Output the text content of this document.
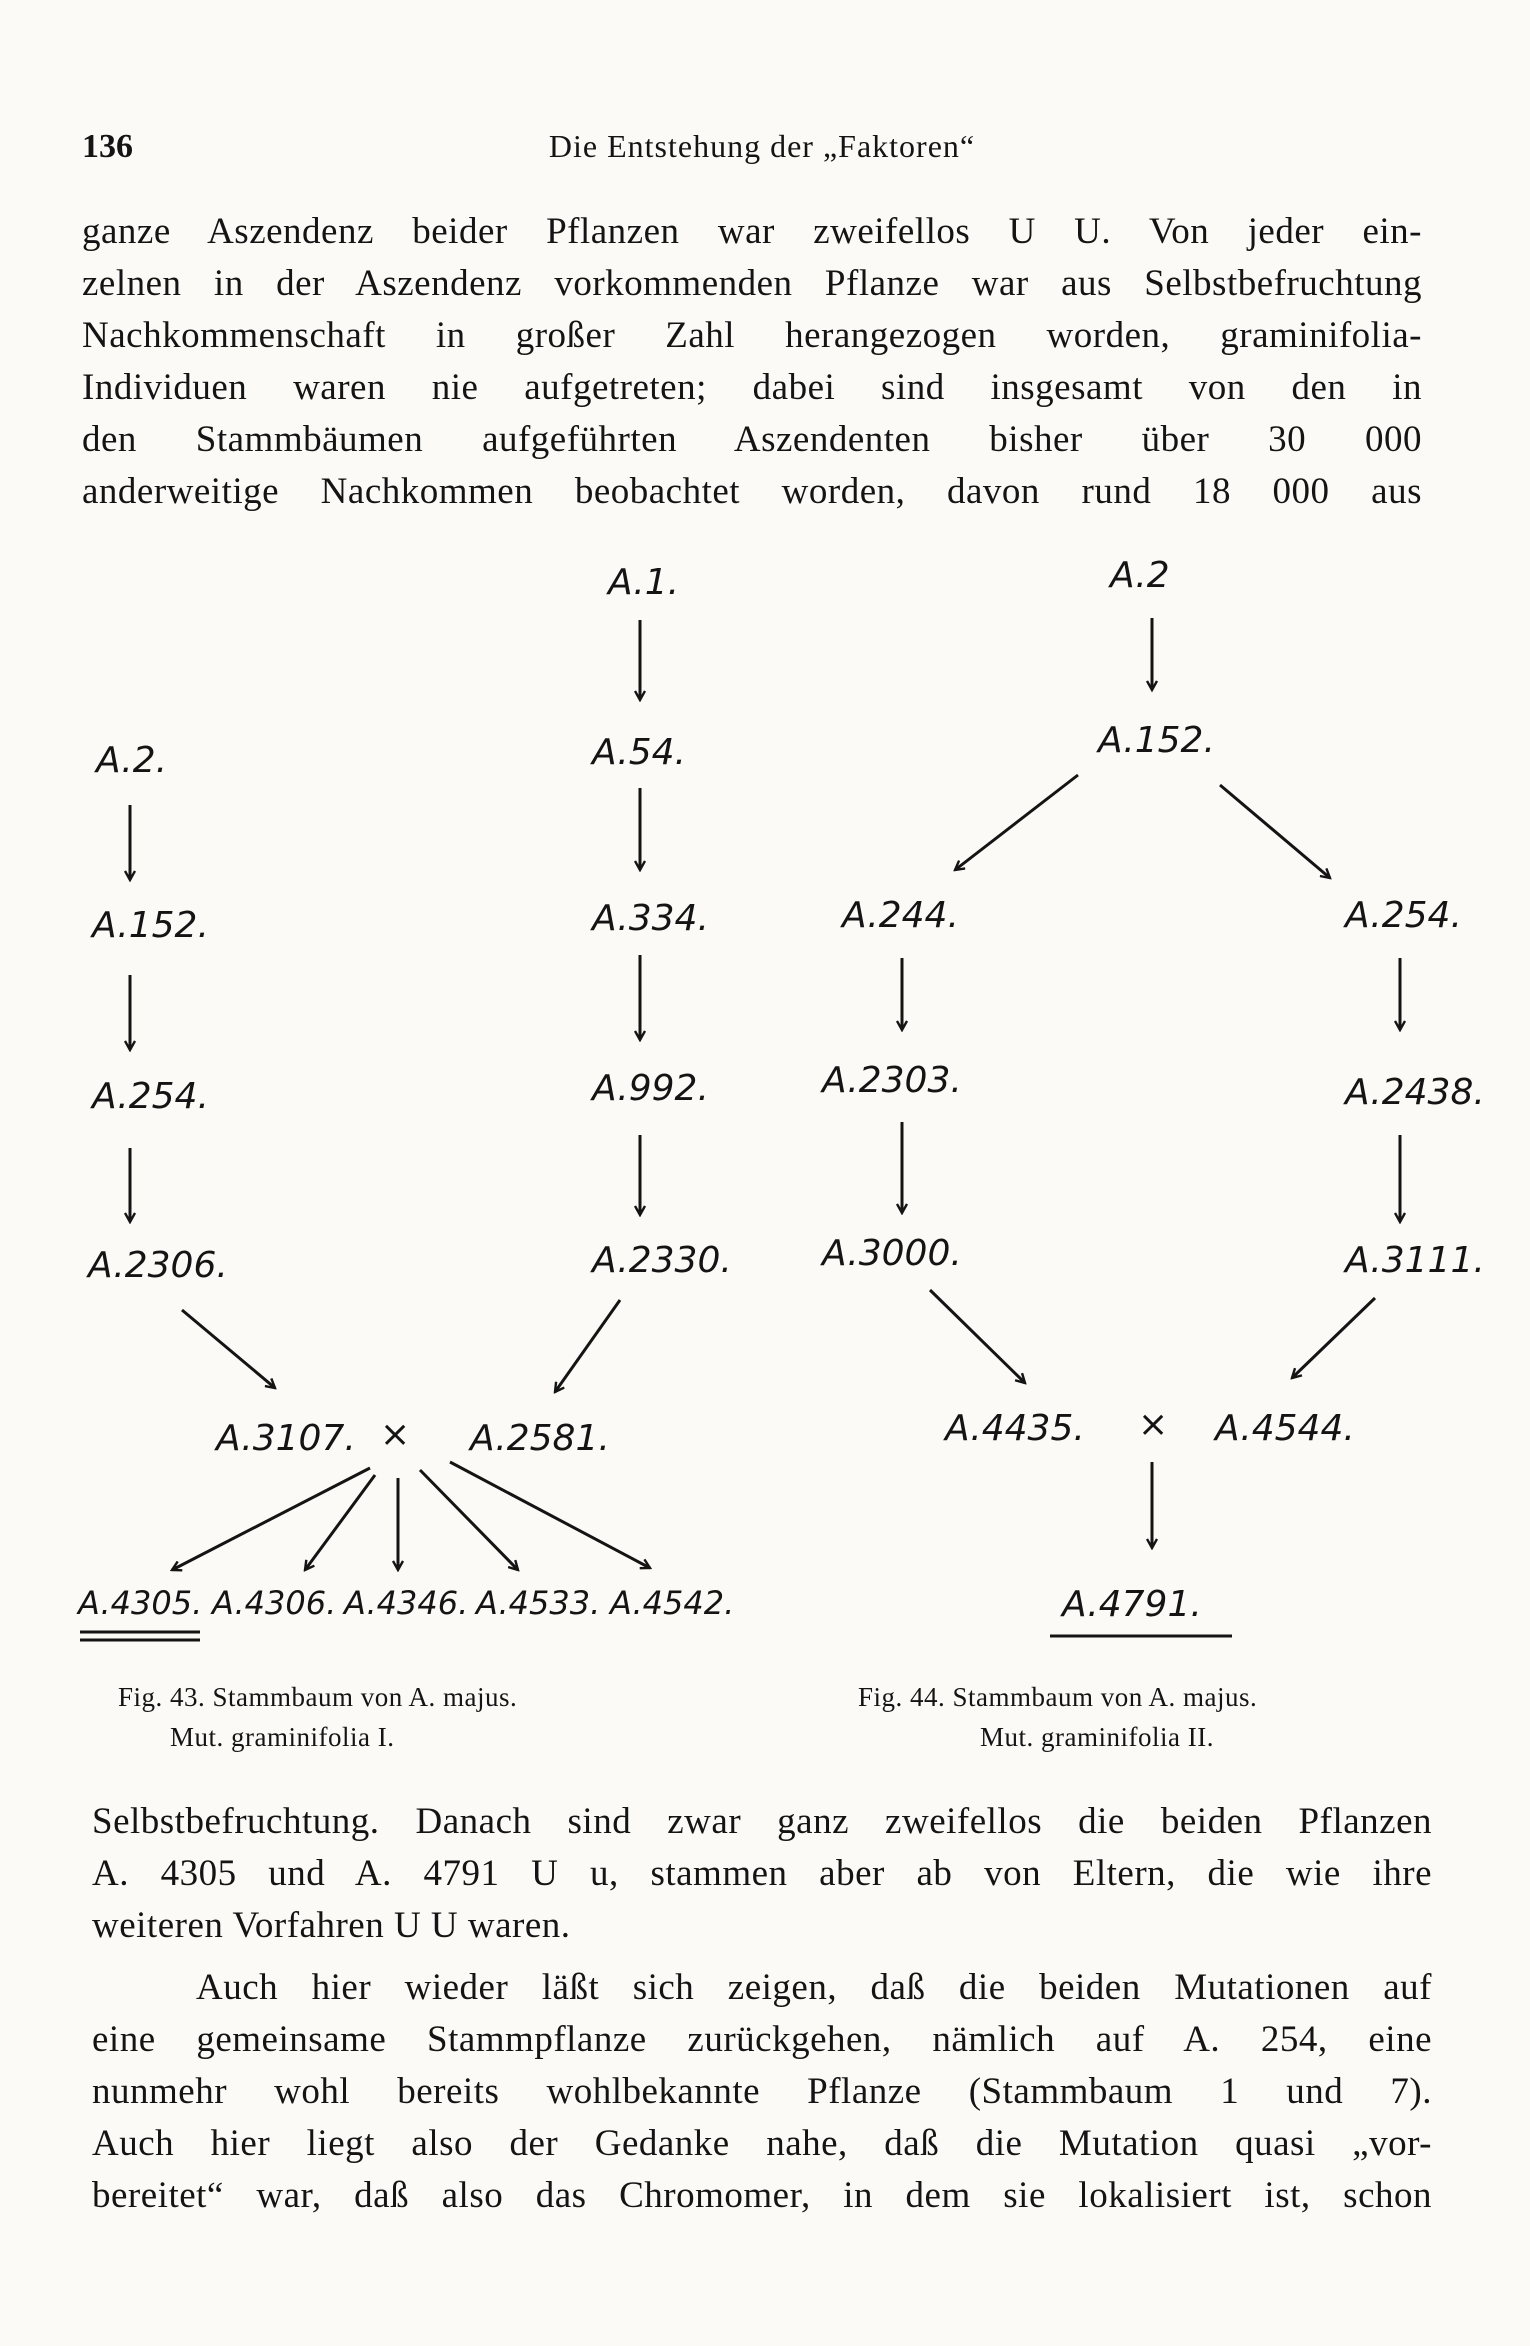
136	Die Entstehung der „Faktoren“
ganze Aszendenz beider Pflanzen war zweifellos U U. Von jeder ein-
zelnen in der Aszendenz vorkommenden Pflanze war aus Selbstbefruchtung
Nachkommenschaft in großer Zahl herangezogen worden, graminifolia-
Individuen waren nie aufgetreten; dabei sind insgesamt von den in
den Stammbäumen aufgeführten Aszendenten bisher über 30 000
anderweitige Nachkommen beobachtet worden, davon rund 18 000 aus
A.2.
A.152.
A.254.
A.2306.
A.1.
A.54.
A.334.
A.992.
A.2330.
A.3107. × A.2581.
A.4305. A.4306. A.4346. A.4533. A.4542.
Fig. 43. Stammbaum von A. majus.
Mut. graminifolia I.
A.2
A.152.
A.244.
A.2303.
A.3000.
A.254.
A.2438.
A.3111.
A.4435. × A.4544.
A.4791.
Fig. 44. Stammbaum von A. majus.
Mut. graminifolia II.
Selbstbefruchtung. Danach sind zwar ganz zweifellos die beiden Pflanzen
A. 4305 und A. 4791 U u, stammen aber ab von Eltern, die wie ihre
weiteren Vorfahren U U waren.
Auch hier wieder läßt sich zeigen, daß die beiden Mutationen auf
eine gemeinsame Stammpflanze zurückgehen, nämlich auf A. 254, eine
nunmehr wohl bereits wohlbekannte Pflanze (Stammbaum 1 und 7).
Auch hier liegt also der Gedanke nahe, daß die Mutation quasi „vor-
bereitet“ war, daß also das Chromomer, in dem sie lokalisiert ist, schon
